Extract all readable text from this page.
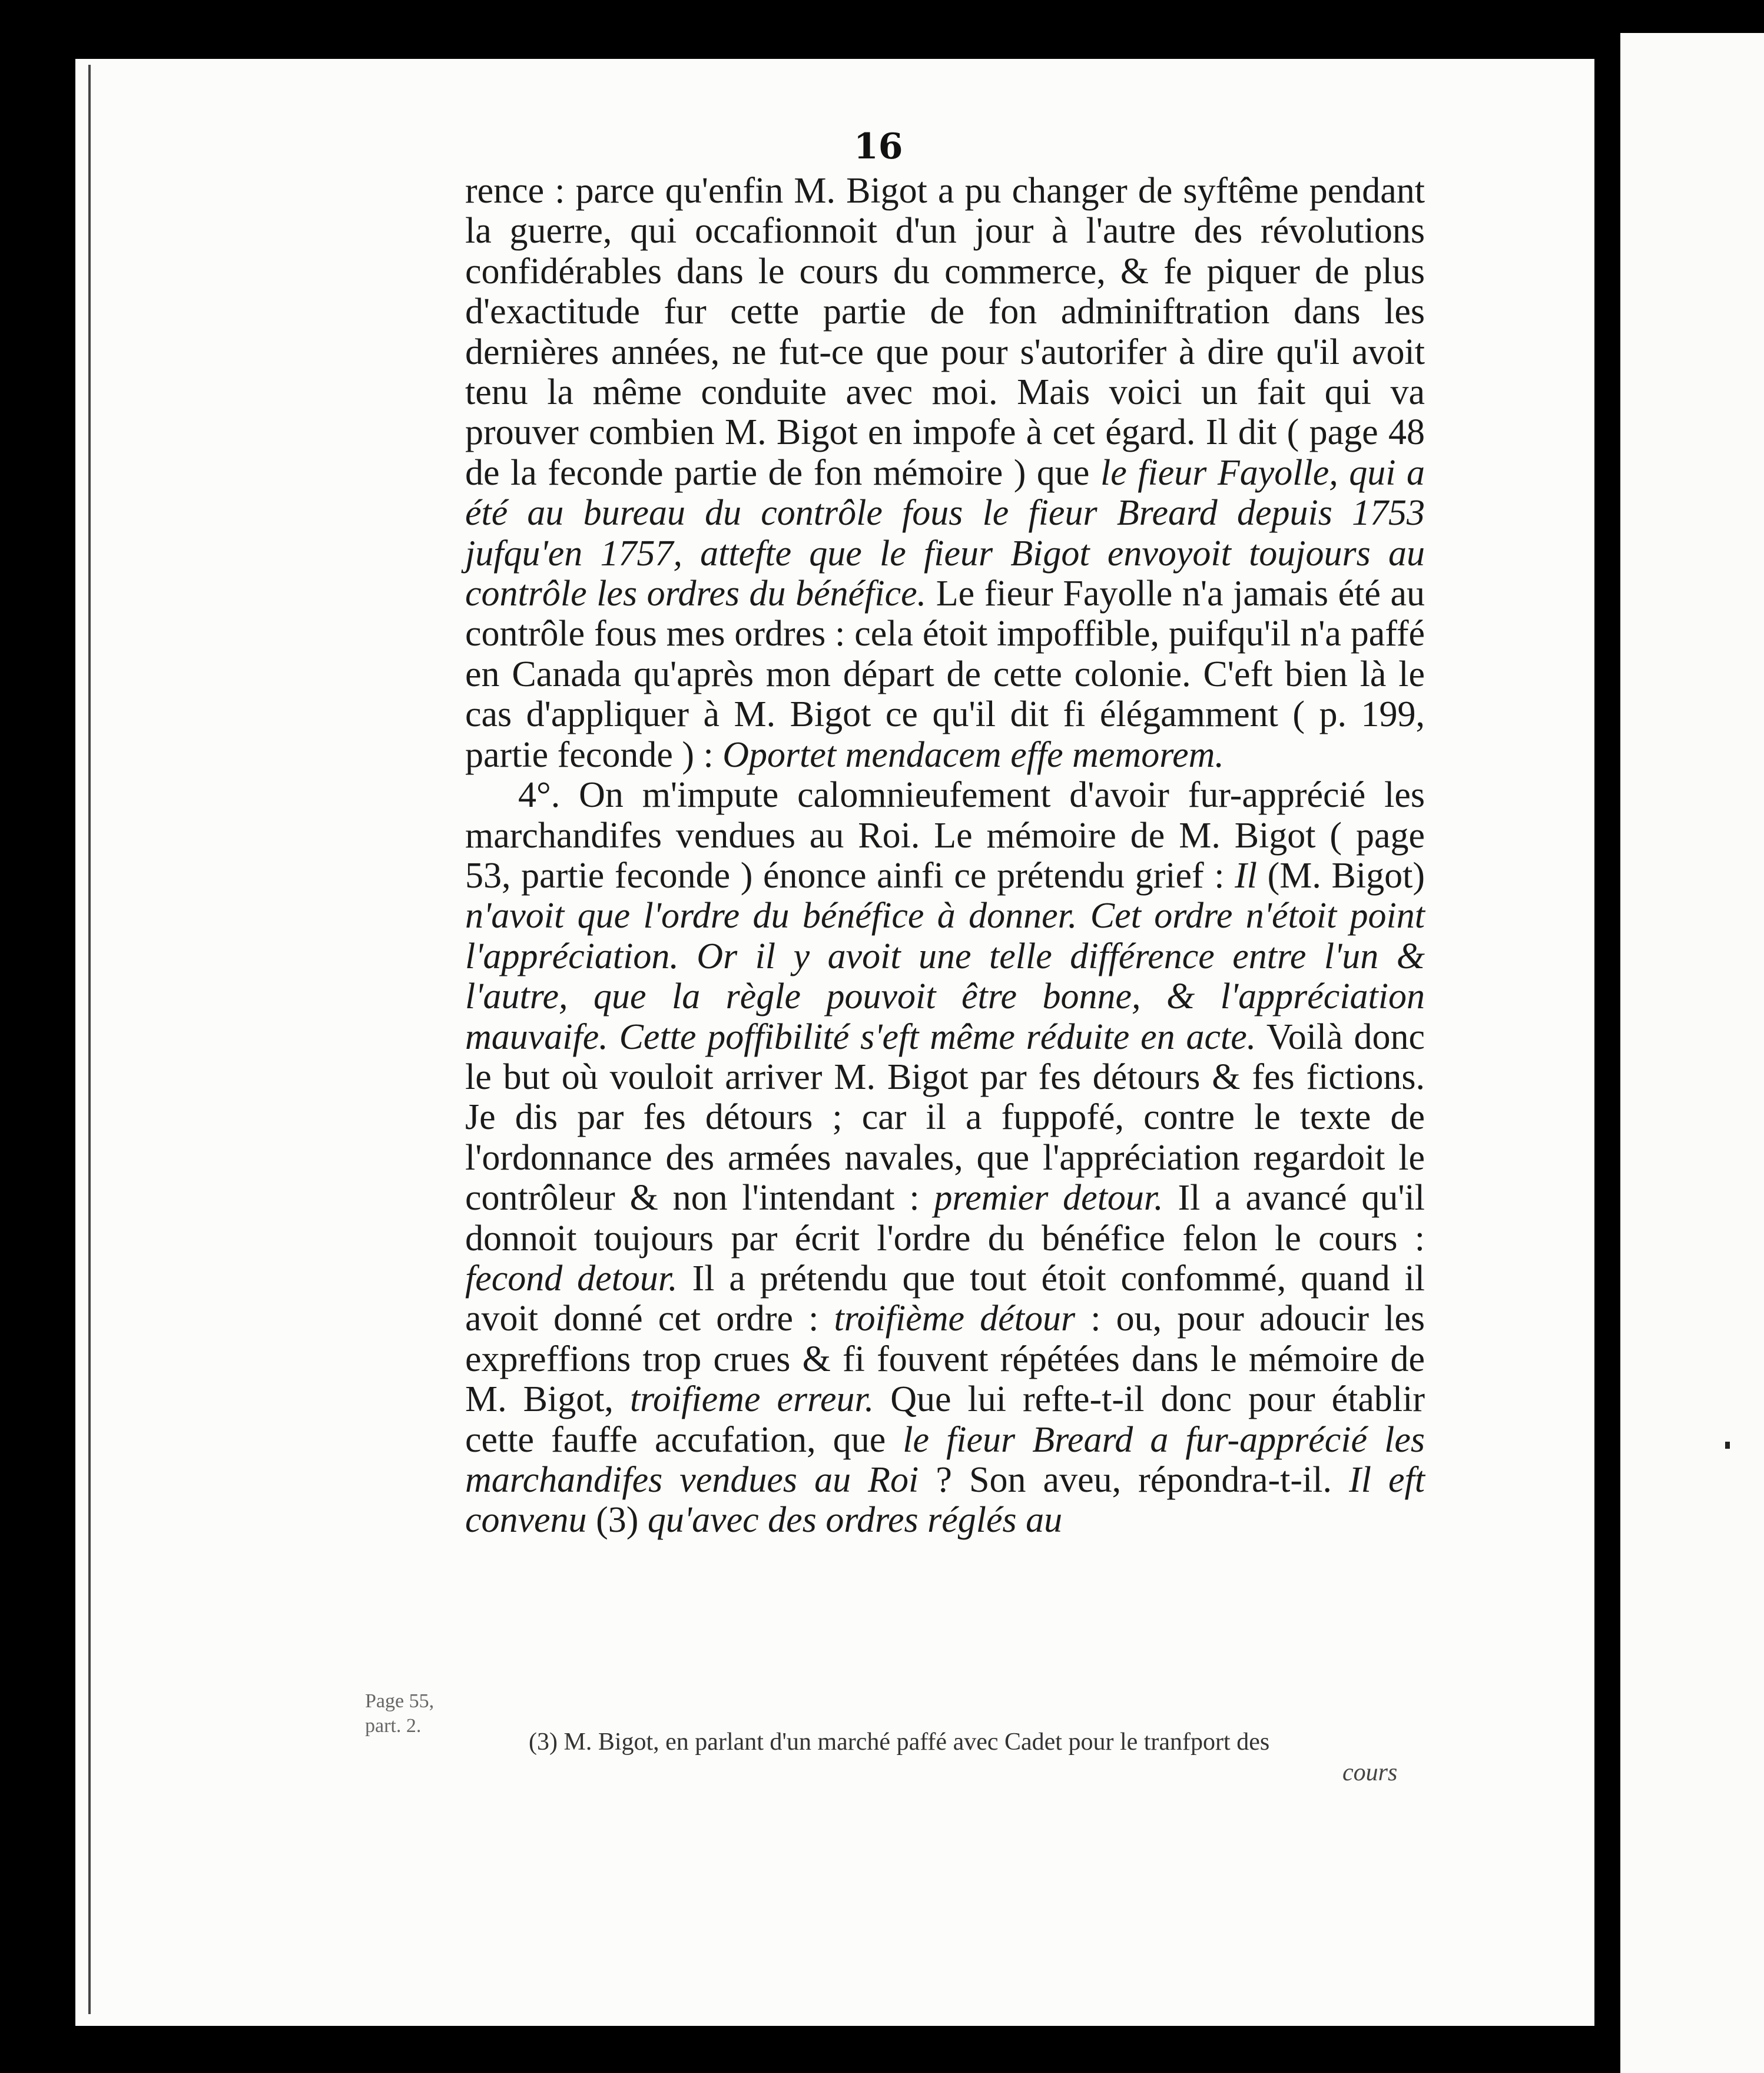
16

rence : parce qu'enfin M. Bigot a pu changer de syftême pendant la guerre, qui occafionnoit d'un jour à l'autre des révolutions confidérables dans le cours du commerce, & fe piquer de plus d'exactitude fur cette partie de fon adminiftration dans les dernières années, ne fut-ce que pour s'autorifer à dire qu'il avoit tenu la même conduite avec moi. Mais voici un fait qui va prouver combien M. Bigot en impofe à cet égard. Il dit ( page 48 de la feconde partie de fon mémoire ) que le fieur Fayolle, qui a été au bureau du contrôle fous le fieur Breard depuis 1753 jufqu'en 1757, attefte que le fieur Bigot envoyoit toujours au contrôle les ordres du bénéfice. Le fieur Fayolle n'a jamais été au contrôle fous mes ordres : cela étoit impoffible, puifqu'il n'a paffé en Canada qu'après mon départ de cette colonie. C'eft bien là le cas d'appliquer à M. Bigot ce qu'il dit fi élégamment ( p. 199, partie feconde ) : Oportet mendacem effe memorem.

4°. On m'impute calomnieufement d'avoir fur-apprécié les marchandifes vendues au Roi. Le mémoire de M. Bigot ( page 53, partie feconde ) énonce ainfi ce prétendu grief : Il (M. Bigot) n'avoit que l'ordre du bénéfice à donner. Cet ordre n'étoit point l'appréciation. Or il y avoit une telle différence entre l'un & l'autre, que la règle pouvoit être bonne, & l'appréciation mauvaife. Cette poffibilité s'eft même réduite en acte. Voilà donc le but où vouloit arriver M. Bigot par fes détours & fes fictions. Je dis par fes détours ; car il a fuppofé, contre le texte de l'ordonnance des armées navales, que l'appréciation regardoit le contrôleur & non l'intendant : premier detour. Il a avancé qu'il donnoit toujours par écrit l'ordre du bénéfice felon le cours : fecond detour. Il a prétendu que tout étoit confommé, quand il avoit donné cet ordre : troifième détour : ou, pour adoucir les expreffions trop crues & fi fouvent répétées dans le mémoire de M. Bigot, troifieme erreur. Que lui refte-t-il donc pour établir cette fauffe accufation, que le fieur Breard a fur-apprécié les marchandifes vendues au Roi ? Son aveu, répondra-t-il. Il eft convenu (3) qu'avec des ordres réglés au

Page 55, part. 2.
(3) M. Bigot, en parlant d'un marché paffé avec Cadet pour le tranfport des
cours
